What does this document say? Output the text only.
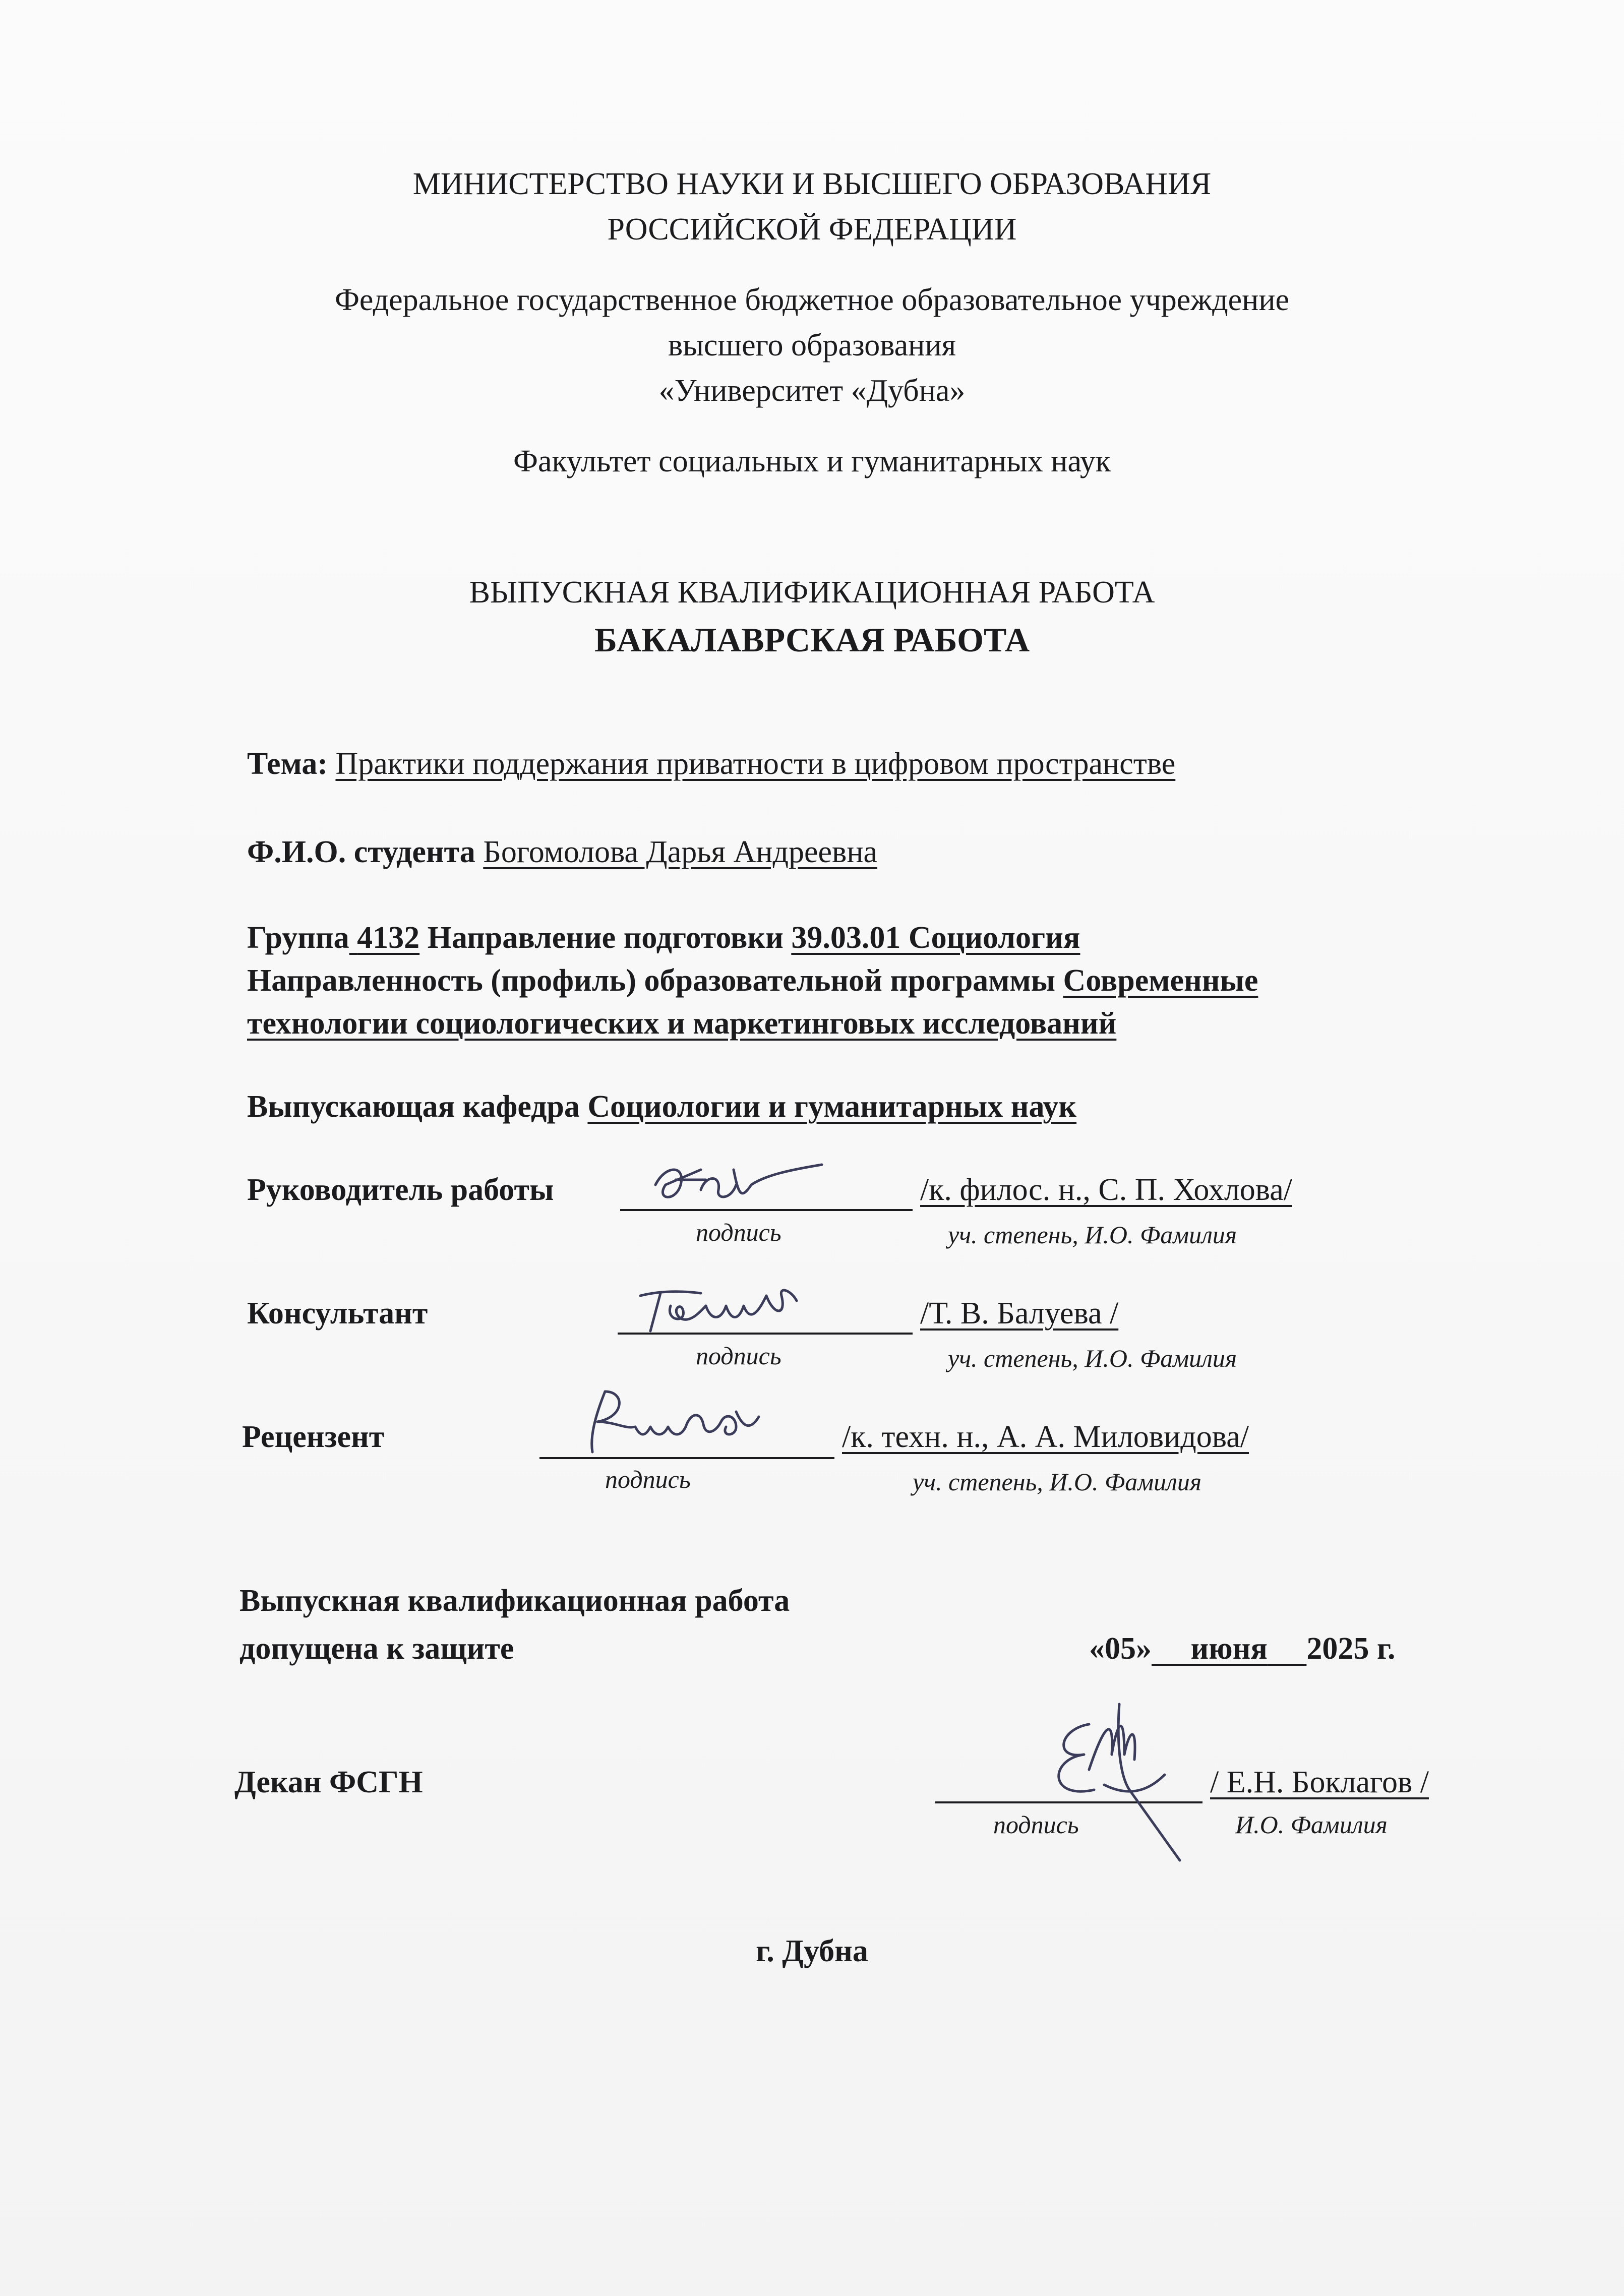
МИНИСТЕРСТВО НАУКИ И ВЫСШЕГО ОБРАЗОВАНИЯ
РОССИЙСКОЙ ФЕДЕРАЦИИ
Федеральное государственное бюджетное образовательное учреждение
высшего образования
«Университет «Дубна»
Факультет социальных и гуманитарных наук
ВЫПУСКНАЯ КВАЛИФИКАЦИОННАЯ РАБОТА
БАКАЛАВРСКАЯ РАБОТА
Тема: Практики поддержания приватности в цифровом пространстве
Ф.И.О. студента Богомолова Дарья Андреевна
Группа 4132 Направление подготовки 39.03.01 Социология
Направленность (профиль) образовательной программы Современные
технологии социологических и маркетинговых исследований
Выпускающая кафедра Социологии и гуманитарных наук
Руководитель работы	/к. филос. н., С. П. Хохлова/
подпись	уч. степень, И.О. Фамилия
Консультант	/Т. В. Балуева /
подпись	уч. степень, И.О. Фамилия
Рецензент	/к. техн. н., А. А. Миловидова/
подпись	уч. степень, И.О. Фамилия
Выпускная квалификационная работа
допущена к защите	«05» июня 2025 г.
Декан ФСГН	/ Е.Н. Боклагов /
подпись	И.О. Фамилия
г. Дубна
